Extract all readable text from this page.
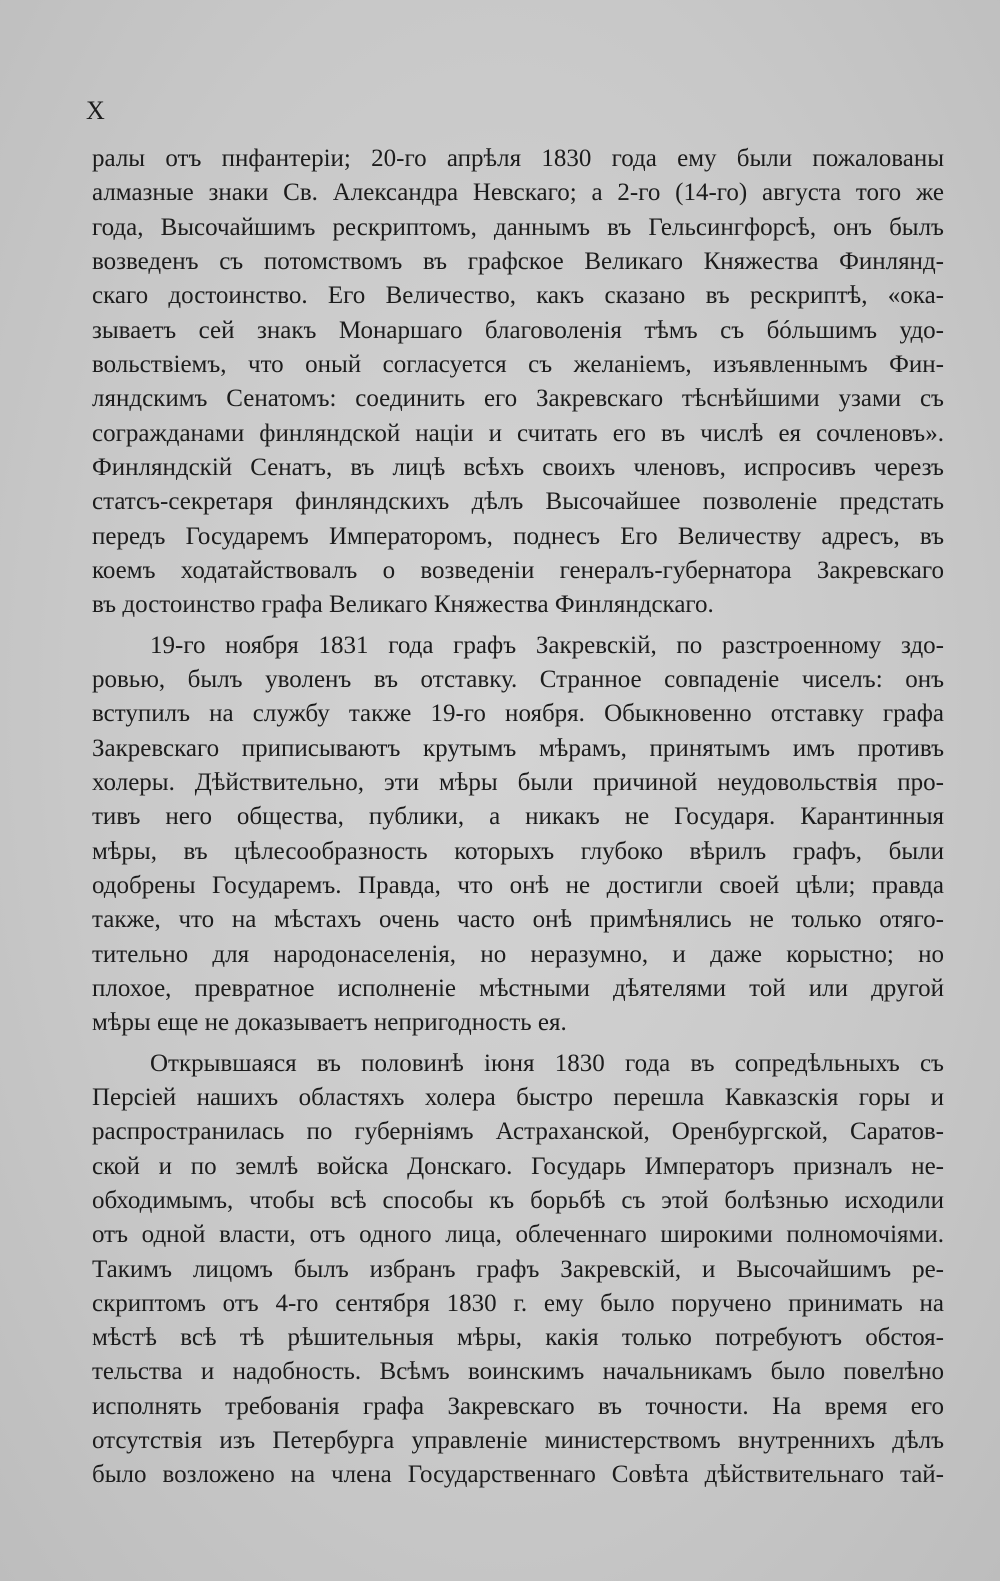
X
ралы отъ пнфантерiи; 20-го апрѣля 1830 года ему были пожалованы
алмазные знаки Св. Александра Невскаго; а 2-го (14-го) августа того же
года, Высочайшимъ рескриптомъ, даннымъ въ Гельсингфорсѣ, онъ былъ
возведенъ съ потомствомъ въ графское Великаго Княжества Финлянд-
скаго достоинство. Его Величество, какъ сказано въ рескриптѣ, «ока-
зываетъ сей знакъ Монаршаго благоволенiя тѣмъ съ бóльшимъ удо-
вольствiемъ, что оный согласуется съ желанiемъ, изъявленнымъ Фин-
ляндскимъ Сенатомъ: соединить его Закревскаго тѣснѣйшими узами съ
согражданами финляндской нацiи и считать его въ числѣ ея сочленовъ».
Финляндскiй Сенатъ, въ лицѣ всѣхъ своихъ членовъ, испросивъ черезъ
статсъ-секретаря финляндскихъ дѣлъ Высочайшее позволенiе предстать
передъ Государемъ Императоромъ, поднесъ Его Величеству адресъ, въ
коемъ ходатайствовалъ о возведенiи генералъ-губернатора Закревскаго
въ достоинство графа Великаго Княжества Финляндскаго.
19-го ноября 1831 года графъ Закревскiй, по разстроенному здо-
ровью, былъ уволенъ въ отставку. Странное совпаденiе чиселъ: онъ
вступилъ на службу также 19-го ноября. Обыкновенно отставку графа
Закревскаго приписываютъ крутымъ мѣрамъ, принятымъ имъ противъ
холеры. Дѣйствительно, эти мѣры были причиной неудовольствiя про-
тивъ него общества, публики, а никакъ не Государя. Карантинныя
мѣры, въ цѣлесообразность которыхъ глубоко вѣрилъ графъ, были
одобрены Государемъ. Правда, что онѣ не достигли своей цѣли; правда
также, что на мѣстахъ очень часто онѣ примѣнялись не только отяго-
тительно для народонаселенiя, но неразумно, и даже корыстно; но
плохое, превратное исполненiе мѣстными дѣятелями той или другой
мѣры еще не доказываетъ непригодность ея.
Открывшаяся въ половинѣ iюня 1830 года въ сопредѣльныхъ съ
Персiей нашихъ областяхъ холера быстро перешла Кавказскiя горы и
распространилась по губернiямъ Астраханской, Оренбургской, Саратов-
ской и по землѣ войска Донскаго. Государь Императоръ призналъ не-
обходимымъ, чтобы всѣ способы къ борьбѣ съ этой болѣзнью исходили
отъ одной власти, отъ одного лица, облеченнаго широкими полномочiями.
Такимъ лицомъ былъ избранъ графъ Закревскiй, и Высочайшимъ ре-
скриптомъ отъ 4-го сентября 1830 г. ему было поручено принимать на
мѣстѣ всѣ тѣ рѣшительныя мѣры, какiя только потребуютъ обстоя-
тельства и надобность. Всѣмъ воинскимъ начальникамъ было повелѣно
исполнять требованiя графа Закревскаго въ точности. На время его
отсутствiя изъ Петербурга управленiе министерствомъ внутреннихъ дѣлъ
было возложено на члена Государственнаго Совѣта дѣйствительнаго тай-
